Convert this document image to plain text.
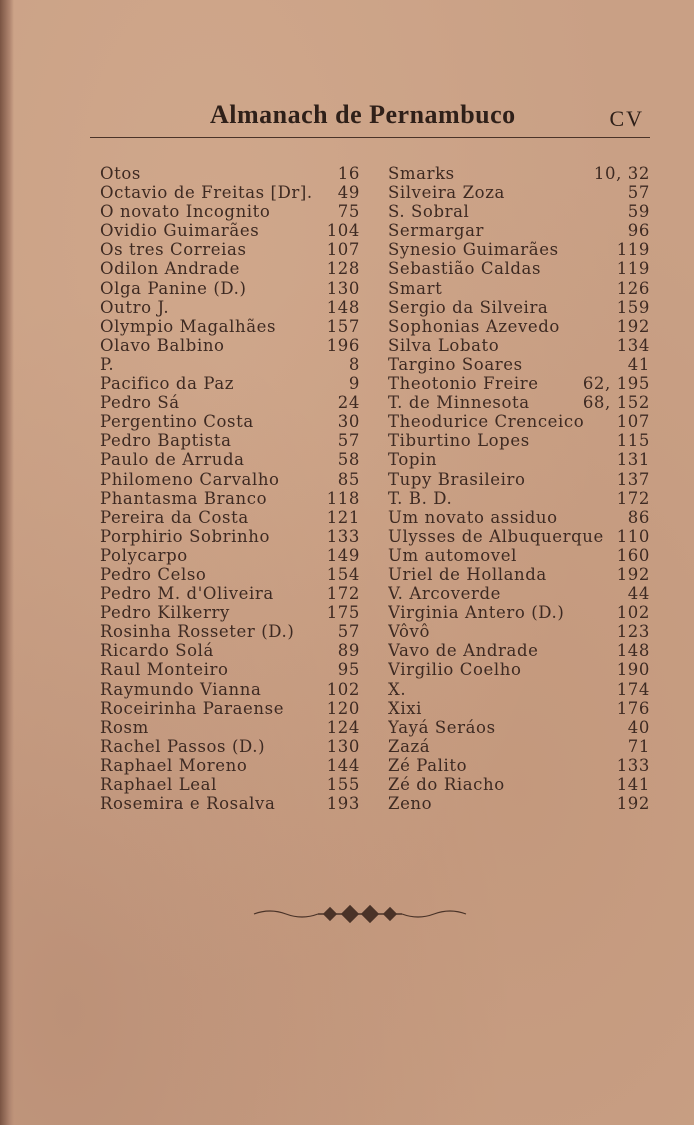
Almanach de Pernambuco	CV
Otos	16
Octavio de Freitas [Dr].	49
O novato Incognito	75
Ovidio Guimarães	104
Os tres Correias	107
Odilon Andrade	128
Olga Panine (D.)	130
Outro J.	148
Olympio Magalhães	157
Olavo Balbino	196
P.	8
Pacifico da Paz	9
Pedro Sá	24
Pergentino Costa	30
Pedro Baptista	57
Paulo de Arruda	58
Philomeno Carvalho	85
Phantasma Branco	118
Pereira da Costa	121
Porphirio Sobrinho	133
Polycarpo	149
Pedro Celso	154
Pedro M. d'Oliveira	172
Pedro Kilkerry	175
Rosinha Rosseter (D.)	57
Ricardo Solá	89
Raul Monteiro	95
Raymundo Vianna	102
Roceirinha Paraense	120
Rosm	124
Rachel Passos (D.)	130
Raphael Moreno	144
Raphael Leal	155
Rosemira e Rosalva	193
Smarks	10, 32
Silveira Zoza	57
S. Sobral	59
Sermargar	96
Synesio Guimarães	119
Sebastião Caldas	119
Smart	126
Sergio da Silveira	159
Sophonias Azevedo	192
Silva Lobato	134
Targino Soares	41
Theotonio Freire	62, 195
T. de Minnesota	68, 152
Theodurice Crenceico	107
Tiburtino Lopes	115
Topin	131
Tupy Brasileiro	137
T. B. D.	172
Um novato assiduo	86
Ulysses de Albuquerque 110
Um automovel	160
Uriel de Hollanda	192
V. Arcoverde	44
Virginia Antero (D.)	102
Vôvô	123
Vavo de Andrade	148
Virgilio Coelho	190
X.	174
Xixi	176
Yayá Seráos	40
Zazá	71
Zé Palito	133
Zé do Riacho	141
Zeno	192
